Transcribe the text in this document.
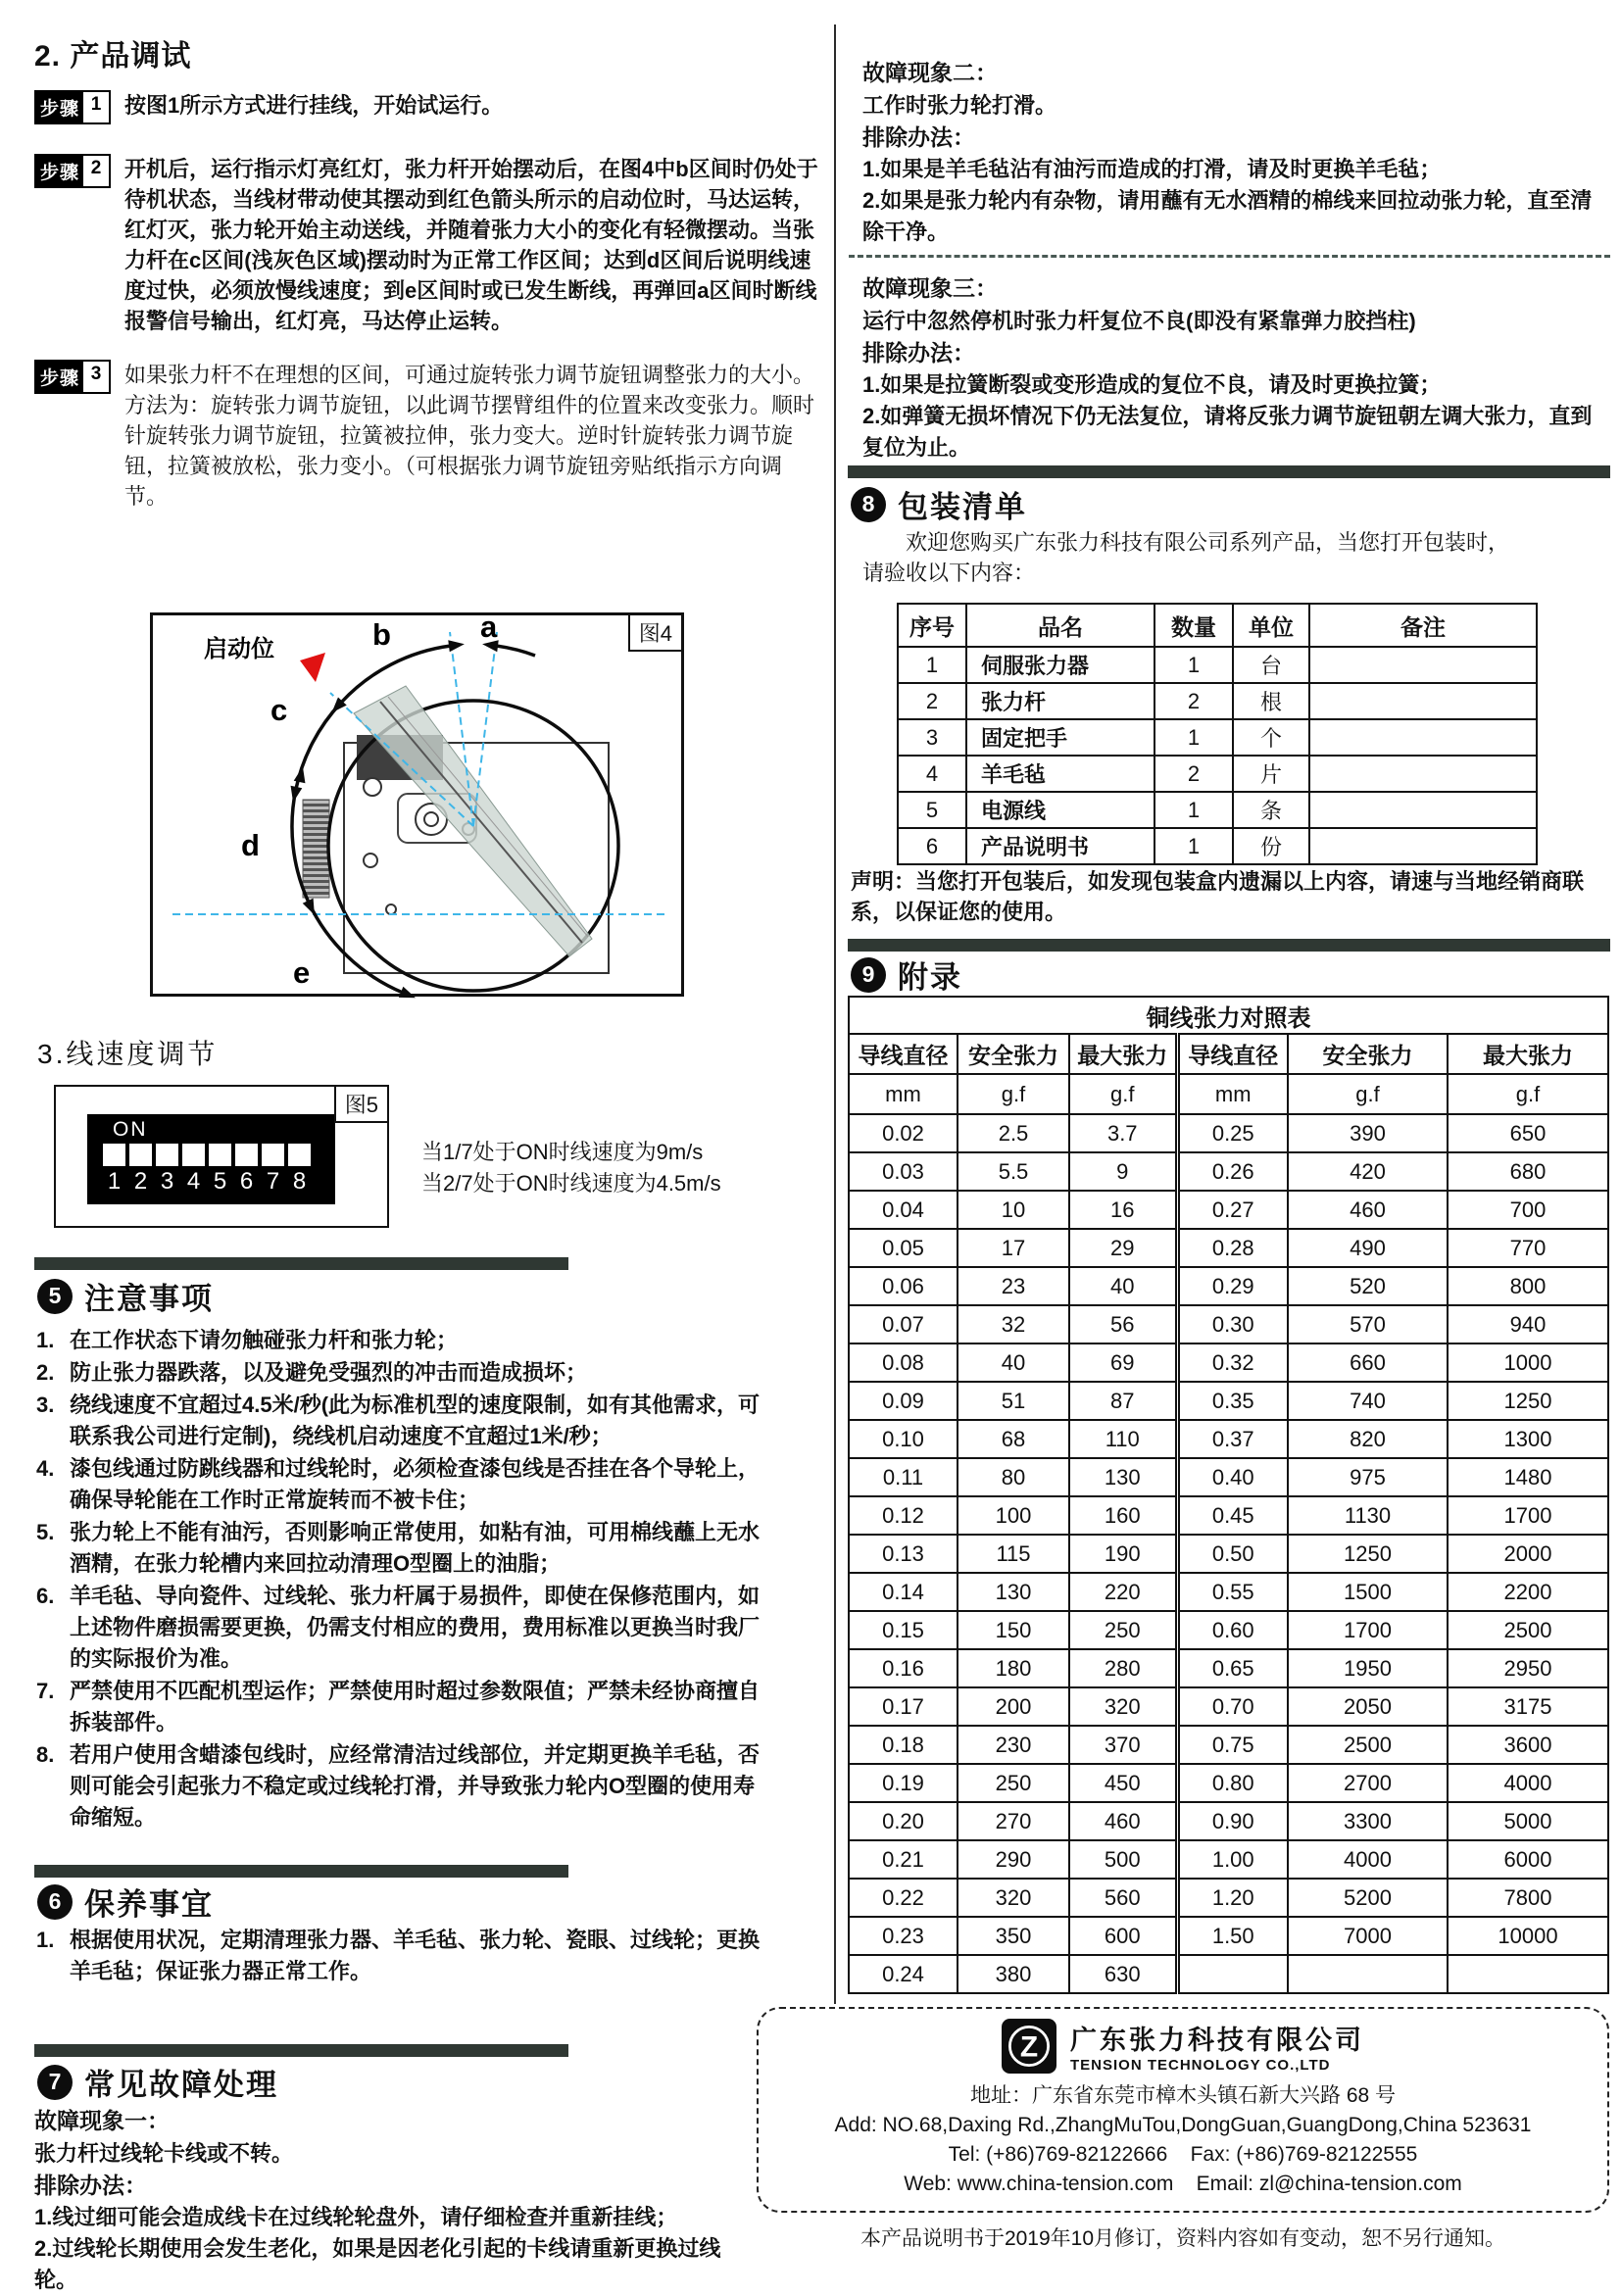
2. 产品调试
步骤 1	按图1所示方式进行挂线，开始试运行。

步骤 2	开机后，运行指示灯亮红灯，张力杆开始摆动后，在图4中b区间时仍处于待机状态，当线材带动使其摆动到红色箭头所示的启动位时，马达运转，红灯灭，张力轮开始主动送线，并随着张力大小的变化有轻微摆动。当张力杆在c区间(浅灰色区域)摆动时为正常工作区间；达到d区间后说明线速度过快，必须放慢线速度；到e区间时或已发生断线，再弹回a区间时断线报警信号输出，红灯亮，马达停止运转。

步骤 3	如果张力杆不在理想的区间，可通过旋转张力调节旋钮调整张力的大小。方法为：旋转张力调节旋钮，以此调节摆臂组件的位置来改变张力。顺时针旋转张力调节旋钮，拉簧被拉伸，张力变大。逆时针旋转张力调节旋钮，拉簧被放松，张力变小。（可根据张力调节旋钮旁贴纸指示方向调节。

图4
a
b
c
d
e
启动位
3.线速度调节
图5
ON
1 2 3 4 5 6 7 8
当1/7处于ON时线速度为9m/s
当2/7处于ON时线速度为4.5m/s
5 注意事项
在工作状态下请勿触碰张力杆和张力轮；
防止张力器跌落，以及避免受强烈的冲击而造成损坏；
绕线速度不宜超过4.5米/秒(此为标准机型的速度限制，如有其他需求，可联系我公司进行定制)，绕线机启动速度不宜超过1米/秒；
漆包线通过防跳线器和过线轮时，必须检查漆包线是否挂在各个导轮上，确保导轮能在工作时正常旋转而不被卡住；
张力轮上不能有油污，否则影响正常使用，如粘有油，可用棉线蘸上无水酒精，在张力轮槽内来回拉动清理O型圈上的油脂；
羊毛毡、导向瓷件、过线轮、张力杆属于易损件，即使在保修范围内，如上述物件磨损需要更换，仍需支付相应的费用，费用标准以更换当时我厂的实际报价为准。
严禁使用不匹配机型运作；严禁使用时超过参数限值；严禁未经协商擅自拆装部件。
若用户使用含蜡漆包线时，应经常清洁过线部位，并定期更换羊毛毡，否则可能会引起张力不稳定或过线轮打滑，并导致张力轮内O型圈的使用寿命缩短。
6 保养事宜
根据使用状况，定期清理张力器、羊毛毡、张力轮、瓷眼、过线轮；更换羊毛毡；保证张力器正常工作。
7 常见故障处理

故障现象一：

张力杆过线轮卡线或不转。

排除办法：

1.线过细可能会造成线卡在过线轮轮盘外，请仔细检查并重新挂线；
2.过线轮长期使用会发生老化，如果是因老化引起的卡线请重新更换过线轮。

故障现象二：

工作时张力轮打滑。

排除办法：

1.如果是羊毛毡沾有油污而造成的打滑，请及时更换羊毛毡；
2.如果是张力轮内有杂物，请用蘸有无水酒精的棉线来回拉动张力轮，直至清除干净。

故障现象三：

运行中忽然停机时张力杆复位不良(即没有紧靠弹力胶挡柱)

排除办法：

1.如果是拉簧断裂或变形造成的复位不良，请及时更换拉簧；
2.如弹簧无损坏情况下仍无法复位，请将反张力调节旋钮朝左调大张力，直到复位为止。
8 包装清单

欢迎您购买广东张力科技有限公司系列产品，当您打开包装时，请验收以下内容：

序号	品名	数量	单位	备注
1	伺服张力器	1	台	
2	张力杆	2	根	
3	固定把手	1	个	
4	羊毛毡	2	片	
5	电源线	1	条	
6	产品说明书	1	份	

声明：当您打开包装后，如发现包装盒内遗漏以上内容，请速与当地经销商联系，以保证您的使用。

9 附录
铜线张力对照表					
导线直径	安全张力	最大张力	导线直径	安全张力	最大张力
mm	g.f	g.f	mm	g.f	g.f
0.02	2.5	3.7	0.25	390	650
0.03	5.5	9	0.26	420	680
0.04	10	16	0.27	460	700
0.05	17	29	0.28	490	770
0.06	23	40	0.29	520	800
0.07	32	56	0.30	570	940
0.08	40	69	0.32	660	1000
0.09	51	87	0.35	740	1250
0.10	68	110	0.37	820	1300
0.11	80	130	0.40	975	1480
0.12	100	160	0.45	1130	1700
0.13	115	190	0.50	1250	2000
0.14	130	220	0.55	1500	2200
0.15	150	250	0.60	1700	2500
0.16	180	280	0.65	1950	2950
0.17	200	320	0.70	2050	3175
0.18	230	370	0.75	2500	3600
0.19	250	450	0.80	2700	4000
0.20	270	460	0.90	3300	5000
0.21	290	500	1.00	4000	6000
0.22	320	560	1.20	5200	7800
0.23	350	600	1.50	7000	10000
0.24	380	630			
Z 广东张力科技有限公司
TENSION TECHNOLOGY CO.,LTD
地址：广东省东莞市樟木头镇石新大兴路 68 号
Add: NO.68,Daxing Rd.,ZhangMuTou,DongGuan,GuangDong,China 523631
Tel: (+86)769-82122666 Fax: (+86)769-82122555
Web: www.china-tension.com Email: zl@china-tension.com
本产品说明书于2019年10月修订，资料内容如有变动，恕不另行通知。
